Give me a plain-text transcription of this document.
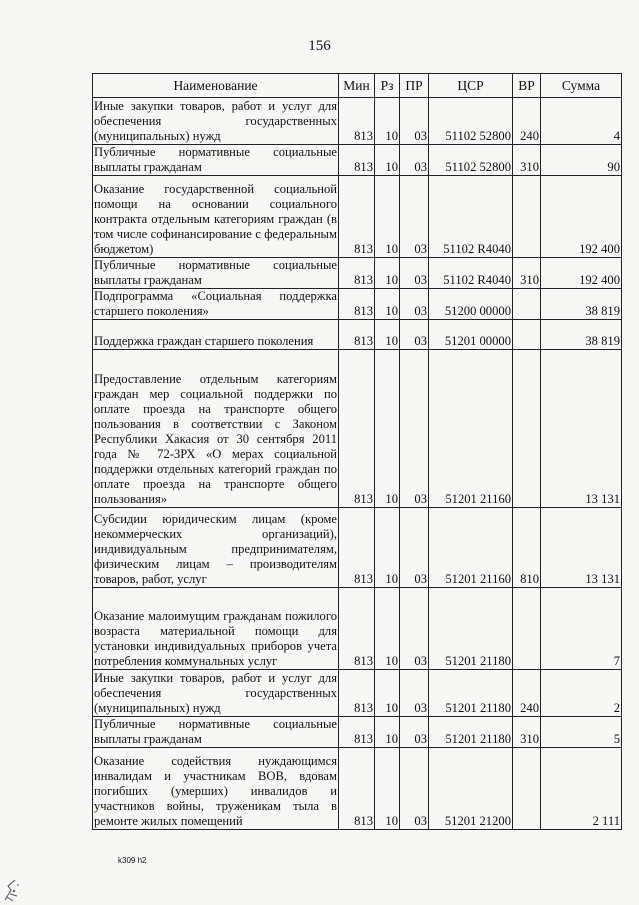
156
Наименование	Мин	Рз	ПР	ЦСР	ВР	Сумма
Иные закупки товаров, работ и услуг для обеспечения государственных (муниципальных) нужд	813	10	03	51102 52800	240	4
Публичные нормативные социальные выплаты гражданам	813	10	03	51102 52800	310	90
Оказание государственной социальной помощи на основании социального контракта отдельным категориям граждан (в том числе софинансирование с федеральным бюджетом)	813	10	03	51102 R4040		192 400
Публичные нормативные социальные выплаты гражданам	813	10	03	51102 R4040	310	192 400
Подпрограмма «Социальная поддержка старшего поколения»	813	10	03	51200 00000		38 819
Поддержка граждан старшего поколения	813	10	03	51201 00000		38 819
Предоставление отдельным категориям граждан мер социальной поддержки по оплате проезда на транспорте общего пользования в соответствии с Законом Республики Хакасия от 30 сентября 2011 года № 72-ЗРХ «О мерах социальной поддержки отдельных категорий граждан по оплате проезда на транспорте общего пользования»	813	10	03	51201 21160		13 131
Субсидии юридическим лицам (кроме некоммерческих организаций), индивидуальным предпринимателям, физическим лицам – производителям товаров, работ, услуг	813	10	03	51201 21160	810	13 131
Оказание малоимущим гражданам пожилого возраста материальной помощи для установки индивидуальных приборов учета потребления коммунальных услуг	813	10	03	51201 21180		7
Иные закупки товаров, работ и услуг для обеспечения государственных (муниципальных) нужд	813	10	03	51201 21180	240	2
Публичные нормативные социальные выплаты гражданам	813	10	03	51201 21180	310	5
Оказание содействия нуждающимся инвалидам и участникам ВОВ, вдовам погибших (умерших) инвалидов и участников войны, труженикам тыла в ремонте жилых помещений	813	10	03	51201 21200		2 111
k309 h2
